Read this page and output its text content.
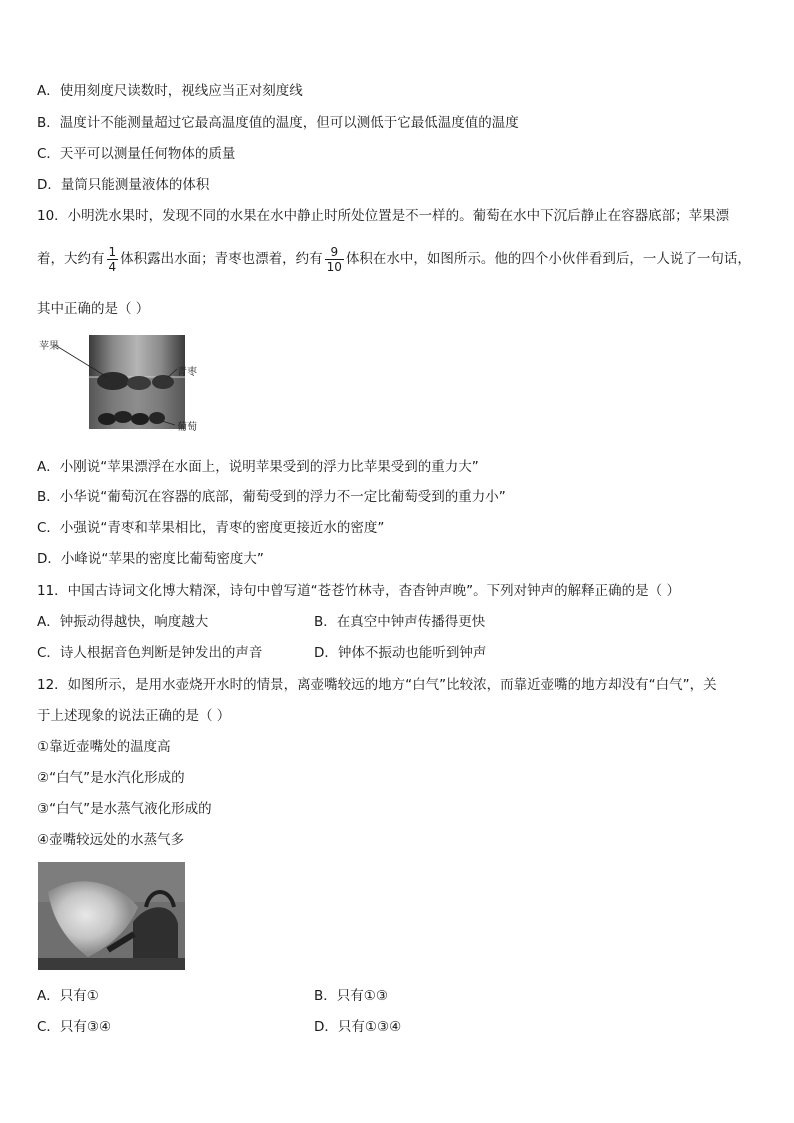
A．使用刻度尺读数时，视线应当正对刻度线
B．温度计不能测量超过它最高温度值的温度，但可以测低于它最低温度值的温度
C．天平可以测量任何物体的质量
D．量筒只能测量液体的体积
10．小明洗水果时，发现不同的水果在水中静止时所处位置是不一样的。葡萄在水中下沉后静止在容器底部；苹果漂
着，大约有 $\frac{1}{4}$ 体积露出水面；青枣也漂着，约有 $\frac{9}{10}$ 体积在水中，如图所示。他的四个小伙伴看到后，一人说了一句话，
其中正确的是（ ）
苹果
青枣
葡萄
A．小刚说“苹果漂浮在水面上，说明苹果受到的浮力比苹果受到的重力大”
B．小华说“葡萄沉在容器的底部，葡萄受到的浮力不一定比葡萄受到的重力小”
C．小强说“青枣和苹果相比，青枣的密度更接近水的密度”
D．小峰说“苹果的密度比葡萄密度大”
11．中国古诗词文化博大精深，诗句中曾写道“苍苍竹林寺，杳杳钟声晚”。下列对钟声的解释正确的是（ ）
A．钟振动得越快，响度越大	B．在真空中钟声传播得更快
C．诗人根据音色判断是钟发出的声音	D．钟体不振动也能听到钟声
12．如图所示，是用水壶烧开水时的情景，离壶嘴较远的地方“白气”比较浓，而靠近壶嘴的地方却没有“白气”，关
于上述现象的说法正确的是（ ）
①靠近壶嘴处的温度高
②“白气”是水汽化形成的
③“白气”是水蒸气液化形成的
④壶嘴较远处的水蒸气多
A．只有①	B．只有①③
C．只有③④	D．只有①③④
